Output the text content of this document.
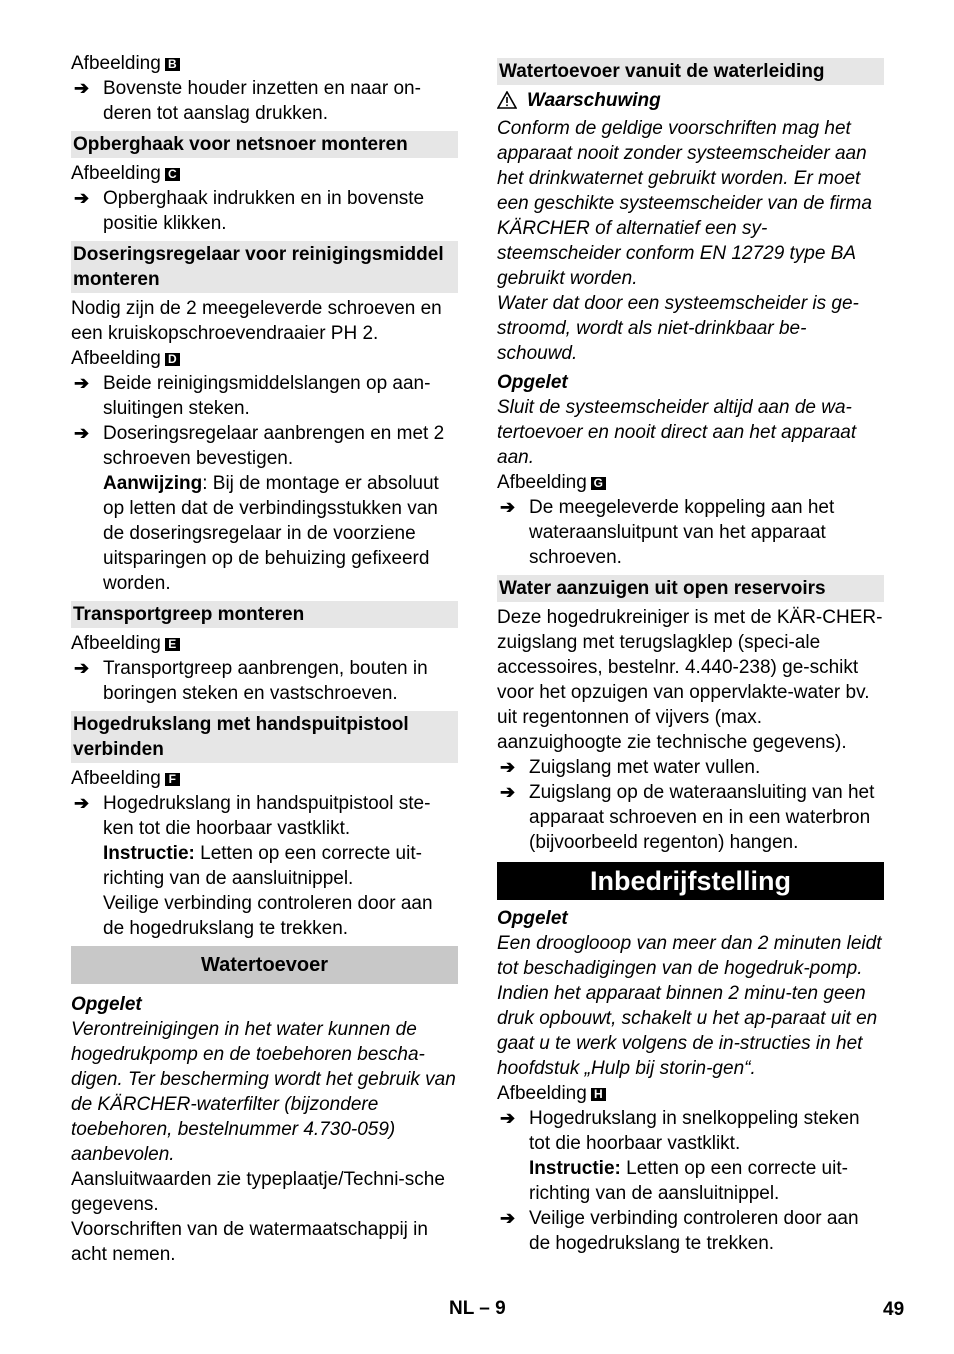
Afbeelding B
➔ Bovenste houder inzetten en naar on-deren tot aanslag drukken.
Opberghaak voor netsnoer monteren
Afbeelding C
➔ Opberghaak indrukken en in bovenste positie klikken.
Doseringsregelaar voor reinigingsmiddel monteren
Nodig zijn de 2 meegeleverde schroeven en een kruiskopschroevendraaier PH 2.
Afbeelding D
➔ Beide reinigingsmiddelslangen op aan-sluitingen steken.
➔ Doseringsregelaar aanbrengen en met 2 schroeven bevestigen.
Aanwijzing: Bij de montage er absoluut op letten dat de verbindingsstukken van de doseringsregelaar in de voorziene uitsparingen op de behuizing gefixeerd worden.
Transportgreep monteren
Afbeelding E
➔ Transportgreep aanbrengen, bouten in boringen steken en vastschroeven.
Hogedrukslang met handspuitpistool verbinden
Afbeelding F
➔ Hogedrukslang in handspuitpistool ste-ken tot die hoorbaar vastklikt.
Instructie: Letten op een correcte uit-richting van de aansluitnippel.
Veilige verbinding controleren door aan de hogedrukslang te trekken.
Watertoevoer
Opgelet
Verontreinigingen in het water kunnen de hogedrukpomp en de toebehoren bescha-digen. Ter bescherming wordt het gebruik van de KÄRCHER-waterfilter (bijzondere toebehoren, bestelnummer 4.730-059) aanbevolen.
Aansluitwaarden zie typeplaatje/Techni-sche gegevens.
Voorschriften van de watermaatschappij in acht nemen.
Watertoevoer vanuit de waterleiding
Waarschuwing
Conform de geldige voorschriften mag het apparaat nooit zonder systeemscheider aan het drinkwaternet gebruikt worden. Er moet een geschikte systeemscheider van de firma KÄRCHER of alternatief een sy-steemscheider conform EN 12729 type BA gebruikt worden.
Water dat door een systeemscheider is ge-stroomd, wordt als niet-drinkbaar be-schouwd.
Opgelet
Sluit de systeemscheider altijd aan de wa-tertoevoer en nooit direct aan het apparaat aan.
Afbeelding G
➔ De meegeleverde koppeling aan het wateraansluitpunt van het apparaat schroeven.
Water aanzuigen uit open reservoirs
Deze hogedrukreiniger is met de KÄR-CHER-zuigslang met terugslagklep (speci-ale accessoires, bestelnr. 4.440-238) ge-schikt voor het opzuigen van oppervlakte-water bv. uit regentonnen of vijvers (max. aanzuighoogte zie technische gegevens).
➔ Zuigslang met water vullen.
➔ Zuigslang op de wateraansluiting van het apparaat schroeven en in een waterbron (bijvoorbeeld regenton) hangen.
Inbedrijfstelling
Opgelet
Een drooglooop van meer dan 2 minuten leidt tot beschadigingen van de hogedruk-pomp. Indien het apparaat binnen 2 minu-ten geen druk opbouwt, schakelt u het ap-paraat uit en gaat u te werk volgens de in-structies in het hoofdstuk „Hulp bij storin-gen“.
Afbeelding H
➔ Hogedrukslang in snelkoppeling steken tot die hoorbaar vastklikt.
Instructie: Letten op een correcte uit-richting van de aansluitnippel.
➔ Veilige verbinding controleren door aan de hogedrukslang te trekken.
NL – 9	49
